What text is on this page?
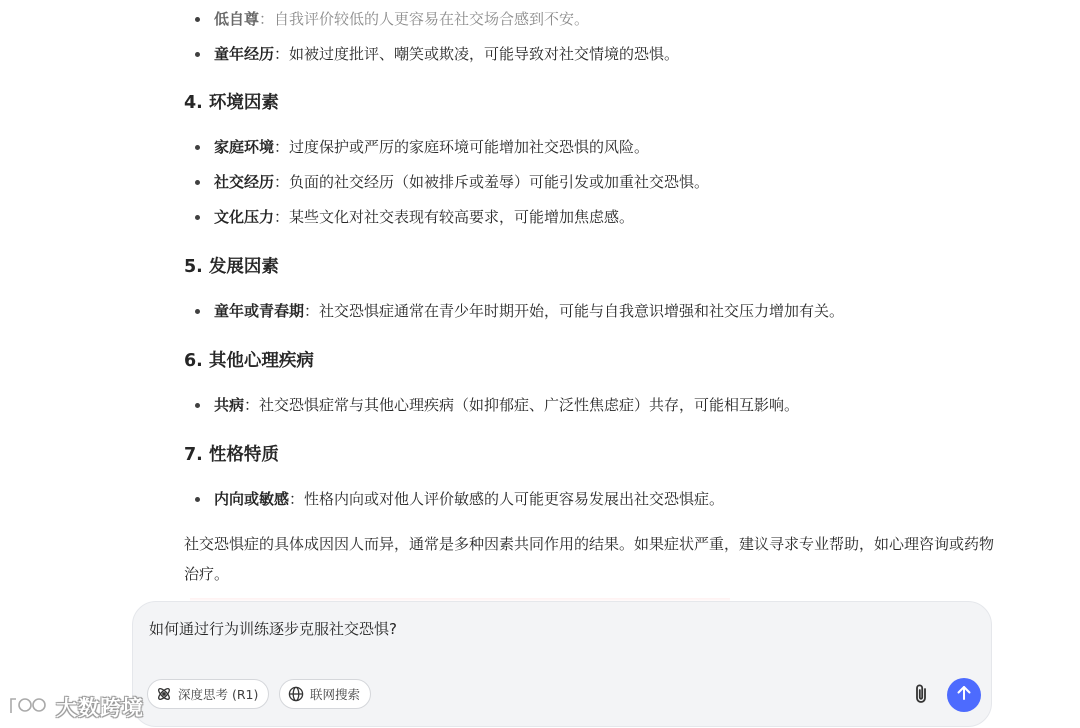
低自尊：自我评价较低的人更容易在社交场合感到不安。
童年经历：如被过度批评、嘲笑或欺凌，可能导致对社交情境的恐惧。
4. 环境因素
家庭环境：过度保护或严厉的家庭环境可能增加社交恐惧的风险。
社交经历：负面的社交经历（如被排斥或羞辱）可能引发或加重社交恐惧。
文化压力：某些文化对社交表现有较高要求，可能增加焦虑感。
5. 发展因素
童年或青春期：社交恐惧症通常在青少年时期开始，可能与自我意识增强和社交压力增加有关。
6. 其他心理疾病
共病：社交恐惧症常与其他心理疾病（如抑郁症、广泛性焦虑症）共存，可能相互影响。
7. 性格特质
内向或敏感：性格内向或对他人评价敏感的人可能更容易发展出社交恐惧症。
社交恐惧症的具体成因因人而异，通常是多种因素共同作用的结果。如果症状严重，建议寻求专业帮助，如心理咨询或药物治疗。
如何通过行为训练逐步克服社交恐惧?
深度思考 (R1)	联网搜索
大数跨境
